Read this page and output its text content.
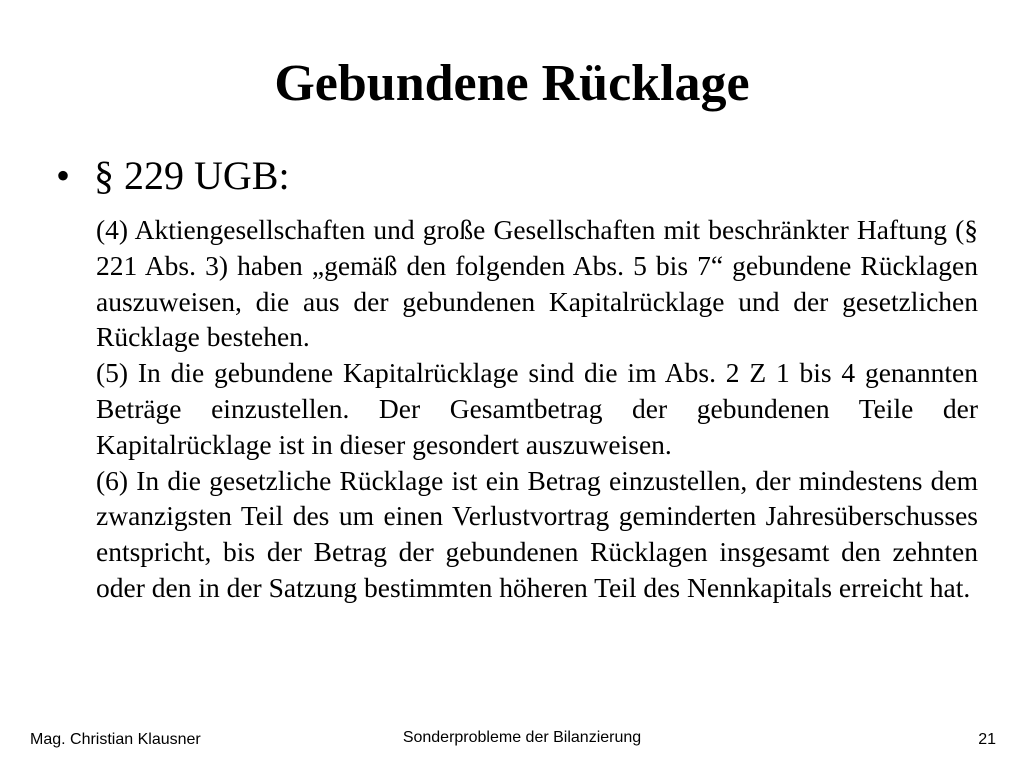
Gebundene Rücklage
• § 229 UGB:

(4) Aktiengesellschaften und große Gesellschaften mit beschränkter Haftung (§ 221 Abs. 3) haben „gemäß den folgenden Abs. 5 bis 7“ gebundene Rücklagen auszuweisen, die aus der gebundenen Kapitalrücklage und der gesetzlichen Rücklage bestehen.

(5) In die gebundene Kapitalrücklage sind die im Abs. 2 Z 1 bis 4 genannten Beträge einzustellen. Der Gesamtbetrag der gebundenen Teile der Kapitalrücklage ist in dieser gesondert auszuweisen.

(6) In die gesetzliche Rücklage ist ein Betrag einzustellen, der mindestens dem zwanzigsten Teil des um einen Verlustvortrag geminderten Jahresüberschusses entspricht, bis der Betrag der gebundenen Rücklagen insgesamt den zehnten oder den in der Satzung bestimmten höheren Teil des Nennkapitals erreicht hat.

Mag. Christian Klausner	Sonderprobleme der Bilanzierung	21
